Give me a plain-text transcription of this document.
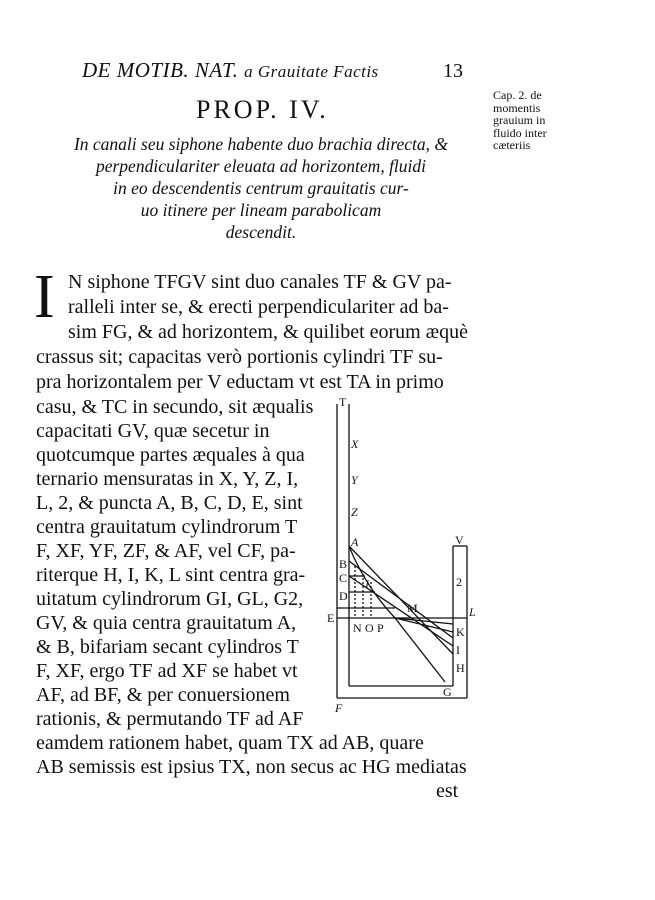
DE MOTIB. NAT. a Grauitate Factis	13
Cap. 2. de
momentis
grauium in
fluido inter
cæteriis
PROP. IV.
In canali seu siphone habente duo brachia directa, &
perpendiculariter eleuata ad horizontem, fluidi
in eo descendentis centrum grauitatis cur-
uo itinere per lineam parabolicam
descendit.
I N siphone TFGV sint duo canales TF & GV pa-
ralleli inter se, & erecti perpendiculariter ad ba-
sim FG, & ad horizontem, & quilibet eorum æquè
crassus sit; capacitas verò portionis cylindri TF su-
pra horizontalem per V eductam vt est TA in primo
casu, & TC in secundo, sit æqualis
capacitati GV, quæ secetur in
quotcumque partes æquales à qua
ternario mensuratas in X, Y, Z, I,
L, 2, & puncta A, B, C, D, E, sint
centra grauitatum cylindrorum T
F, XF, YF, ZF, & AF, vel CF, pa-
riterque H, I, K, L sint centra gra-
uitatum cylindrorum GI, GL, G2,
GV, & quia centra grauitatum A,
& B, bifariam secant cylindros T
F, XF, ergo TF ad XF se habet vt
AF, ad BF, & per conuersionem
rationis, & permutando TF ad AF
eamdem rationem habet, quam TX ad AB, quare
AB semissis est ipsius TX, non secus ac HG mediatas
est
T
X
Y
Z
A
B
C
D
E
I
N O P
M
V
2
L
K
I
H
G
F
